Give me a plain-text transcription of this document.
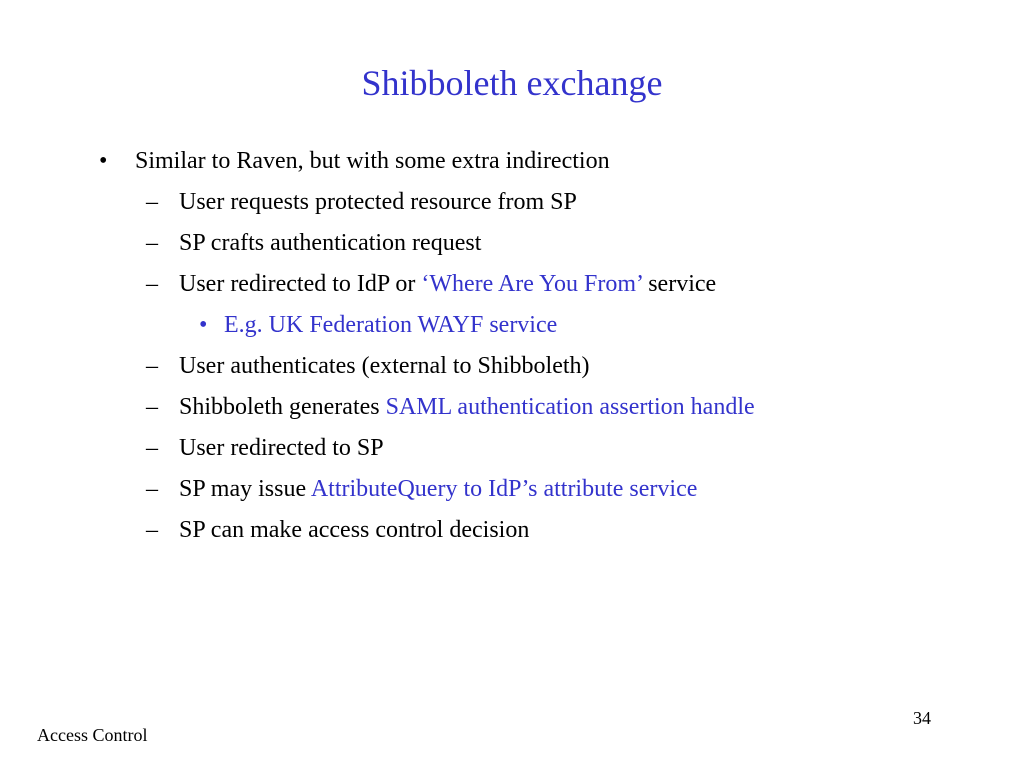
Shibboleth exchange
• Similar to Raven, but with some extra indirection
– User requests protected resource from SP
– SP crafts authentication request
– User redirected to IdP or ‘Where Are You From’ service
• E.g. UK Federation WAYF service
– User authenticates (external to Shibboleth)
– Shibboleth generates SAML authentication assertion handle
– User redirected to SP
– SP may issue AttributeQuery to IdP’s attribute service
– SP can make access control decision
Access Control
34
